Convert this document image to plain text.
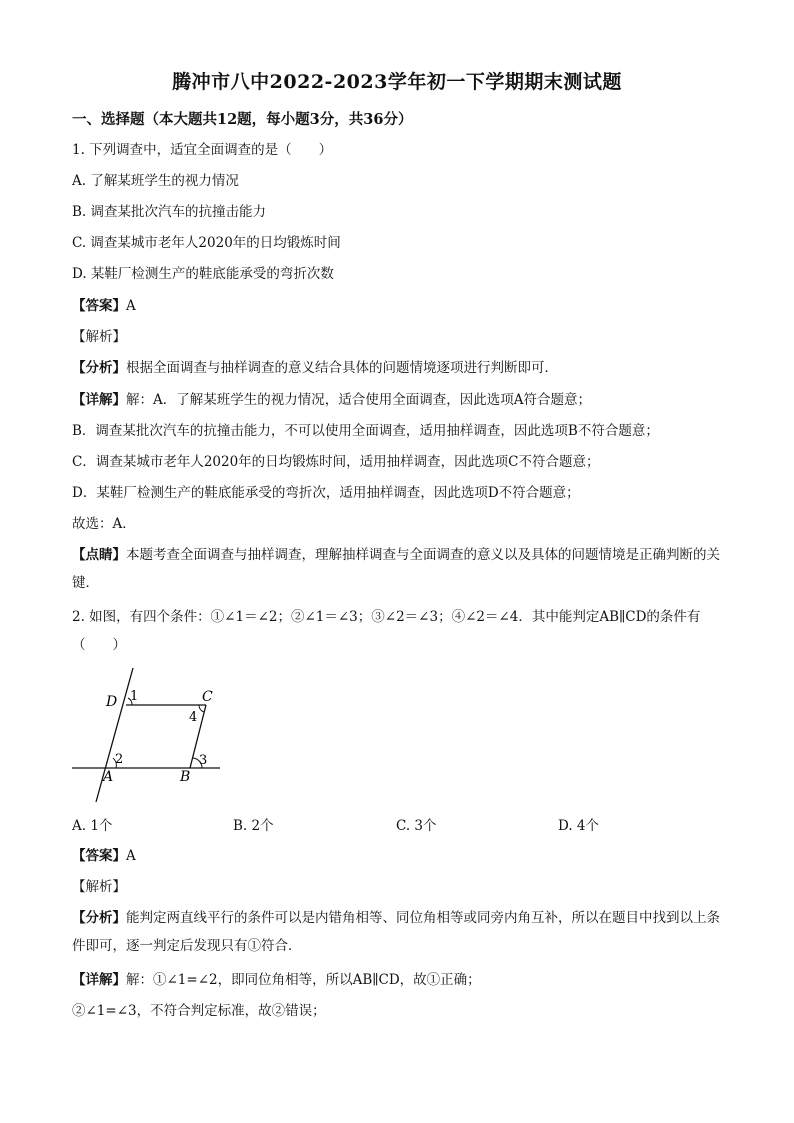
腾冲市八中2022-2023学年初一下学期期末测试题
一、选择题（本大题共12题，每小题3分，共36分）
1. 下列调查中，适宜全面调查的是（　　）
A. 了解某班学生的视力情况
B. 调查某批次汽车的抗撞击能力
C. 调查某城市老年人2020年的日均锻炼时间
D. 某鞋厂检测生产的鞋底能承受的弯折次数
【答案】A
【解析】
【分析】根据全面调查与抽样调查的意义结合具体的问题情境逐项进行判断即可．
【详解】解：A．了解某班学生的视力情况，适合使用全面调查，因此选项A符合题意；
B．调查某批次汽车的抗撞击能力，不可以使用全面调查，适用抽样调查，因此选项B不符合题意；
C．调查某城市老年人2020年的日均锻炼时间，适用抽样调查，因此选项C不符合题意；
D．某鞋厂检测生产的鞋底能承受的弯折次，适用抽样调查，因此选项D不符合题意；
故选：A．
【点睛】本题考查全面调查与抽样调查，理解抽样调查与全面调查的意义以及具体的问题情境是正确判断的关键．
2. 如图，有四个条件：①∠1＝∠2；②∠1＝∠3；③∠2＝∠3；④∠2＝∠4．其中能判定AB∥CD的条件有（　　）
D 1	C
4
2	3
A	B
A. 1个	B. 2个	C. 3个	D. 4个
【答案】A
【解析】
【分析】能判定两直线平行的条件可以是内错角相等、同位角相等或同旁内角互补，所以在题目中找到以上条件即可，逐一判定后发现只有①符合．
【详解】解：①∠1=∠2，即同位角相等，所以AB∥CD，故①正确；
②∠1=∠3，不符合判定标准，故②错误；
